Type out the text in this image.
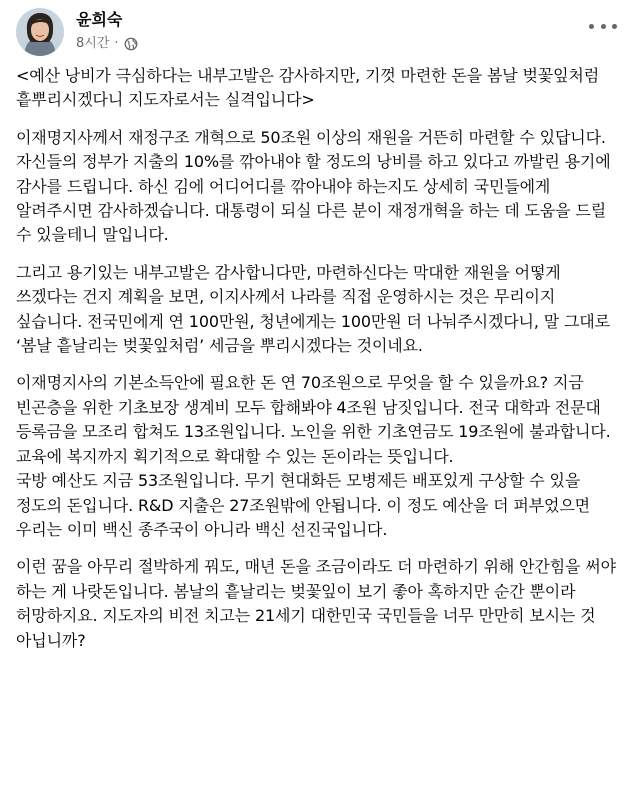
윤희숙
8시간 ·

<예산 낭비가 극심하다는 내부고발은 감사하지만, 기껏 마련한 돈을 봄날 벚꽃잎처럼 흩뿌리시겠다니 지도자로서는 실격입니다>

이재명지사께서 재정구조 개혁으로 50조원 이상의 재원을 거뜬히 마련할 수 있답니다. 자신들의 정부가 지출의 10%를 깎아내야 할 정도의 낭비를 하고 있다고 까발린 용기에 감사를 드립니다. 하신 김에 어디어디를 깎아내야 하는지도 상세히 국민들에게 알려주시면 감사하겠습니다. 대통령이 되실 다른 분이 재정개혁을 하는 데 도움을 드릴 수 있을테니 말입니다.

그리고 용기있는 내부고발은 감사합니다만, 마련하신다는 막대한 재원을 어떻게 쓰겠다는 건지 계획을 보면, 이지사께서 나라를 직접 운영하시는 것은 무리이지 싶습니다. 전국민에게 연 100만원, 청년에게는 100만원 더 나눠주시겠다니, 말 그대로 ‘봄날 흩날리는 벚꽃잎처럼’ 세금을 뿌리시겠다는 것이네요.

이재명지사의 기본소득안에 필요한 돈 연 70조원으로 무엇을 할 수 있을까요? 지금 빈곤층을 위한 기초보장 생계비 모두 합해봐야 4조원 남짓입니다. 전국 대학과 전문대 등록금을 모조리 합쳐도 13조원입니다. 노인을 위한 기초연금도 19조원에 불과합니다. 교육에 복지까지 획기적으로 확대할 수 있는 돈이라는 뜻입니다.
국방 예산도 지금 53조원입니다. 무기 현대화든 모병제든 배포있게 구상할 수 있을 정도의 돈입니다. R&D 지출은 27조원밖에 안됩니다. 이 정도 예산을 더 퍼부었으면 우리는 이미 백신 종주국이 아니라 백신 선진국입니다.

이런 꿈을 아무리 절박하게 꿔도, 매년 돈을 조금이라도 더 마련하기 위해 안간힘을 써야 하는 게 나랏돈입니다. 봄날의 흩날리는 벚꽃잎이 보기 좋아 혹하지만 순간 뿐이라 허망하지요. 지도자의 비전 치고는 21세기 대한민국 국민들을 너무 만만히 보시는 것 아닙니까?
